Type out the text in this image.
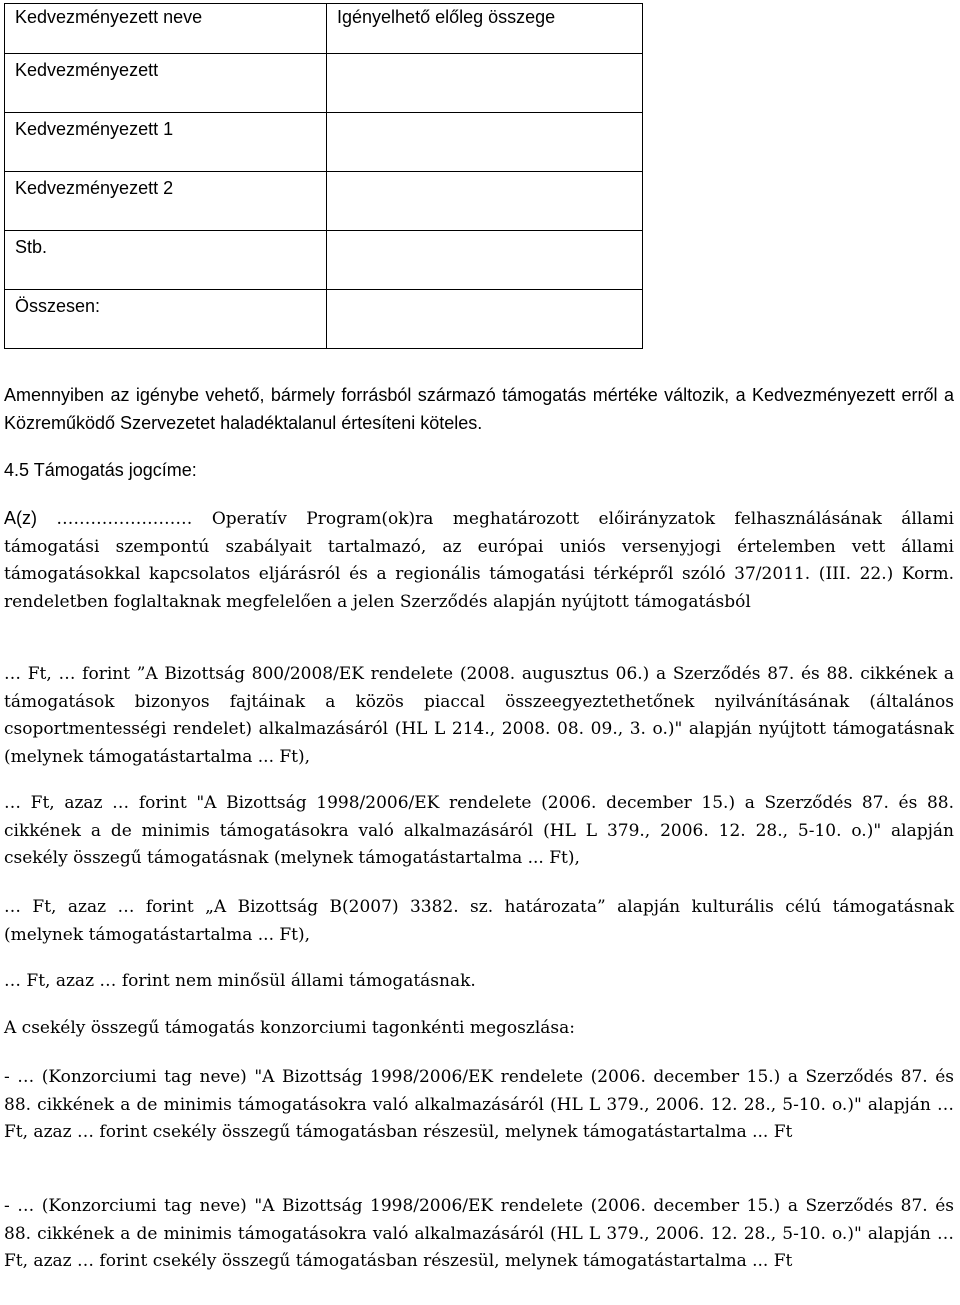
Kedvezményezett neve	Igényelhető előleg összege
Kedvezményezett	
Kedvezményezett 1	
Kedvezményezett 2	
Stb.	
Összesen:	

Amennyiben az igénybe vehető, bármely forrásból származó támogatás mértéke változik, a Kedvezményezett erről a Közreműködő Szervezetet haladéktalanul értesíteni köteles.

4.5 Támogatás jogcíme:

A(z) …………………… Operatív Program(ok)ra meghatározott előirányzatok felhasználásának állami támogatási szempontú szabályait tartalmazó, az európai uniós versenyjogi értelemben vett állami támogatásokkal kapcsolatos eljárásról és a regionális támogatási térképről szóló 37/2011. (III. 22.) Korm. rendeletben foglaltaknak megfelelően a jelen Szerződés alapján nyújtott támogatásból

… Ft, … forint ”A Bizottság 800/2008/EK rendelete (2008. augusztus 06.) a Szerződés 87. és 88. cikkének a támogatások bizonyos fajtáinak a közös piaccal összeegyeztethetőnek nyilvánításának (általános csoportmentességi rendelet) alkalmazásáról (HL L 214., 2008. 08. 09., 3. o.)" alapján nyújtott támogatásnak (melynek támogatástartalma ... Ft),

… Ft, azaz … forint "A Bizottság 1998/2006/EK rendelete (2006. december 15.) a Szerződés 87. és 88. cikkének a de minimis támogatásokra való alkalmazásáról (HL L 379., 2006. 12. 28., 5-10. o.)" alapján csekély összegű támogatásnak (melynek támogatástartalma ... Ft),

… Ft, azaz … forint „A Bizottság B(2007) 3382. sz. határozata” alapján kulturális célú támogatásnak (melynek támogatástartalma ... Ft),

… Ft, azaz … forint nem minősül állami támogatásnak.

A csekély összegű támogatás konzorciumi tagonkénti megoszlása:

- … (Konzorciumi tag neve) "A Bizottság 1998/2006/EK rendelete (2006. december 15.) a Szerződés 87. és 88. cikkének a de minimis támogatásokra való alkalmazásáról (HL L 379., 2006. 12. 28., 5-10. o.)" alapján … Ft, azaz … forint csekély összegű támogatásban részesül, melynek támogatástartalma ... Ft

- … (Konzorciumi tag neve) "A Bizottság 1998/2006/EK rendelete (2006. december 15.) a Szerződés 87. és 88. cikkének a de minimis támogatásokra való alkalmazásáról (HL L 379., 2006. 12. 28., 5-10. o.)" alapján … Ft, azaz … forint csekély összegű támogatásban részesül, melynek támogatástartalma ... Ft
